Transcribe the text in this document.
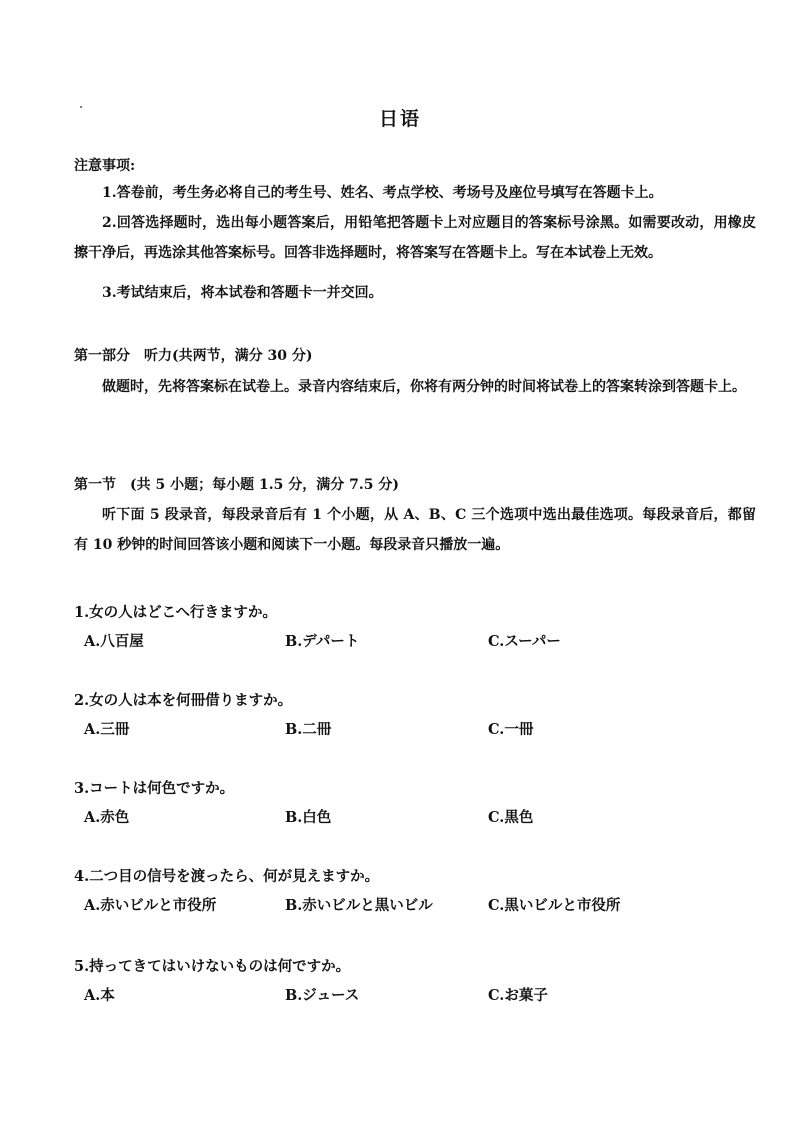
日语
注意事项:
1.答卷前，考生务必将自己的考生号、姓名、考点学校、考场号及座位号填写在答题卡上。
2.回答选择题时，选出每小题答案后，用铅笔把答题卡上对应题目的答案标号涂黑。如需要改动，用橡皮擦干净后，再选涂其他答案标号。回答非选择题时，将答案写在答题卡上。写在本试卷上无效。
3.考试结束后，将本试卷和答题卡一并交回。
第一部分　听力(共两节，满分 30 分)
做题时，先将答案标在试卷上。录音内容结束后，你将有两分钟的时间将试卷上的答案转涂到答题卡上。
第一节　(共 5 小题；每小题 1.5 分，满分 7.5 分)
听下面 5 段录音，每段录音后有 1 个小题，从 A、B、C 三个选项中选出最佳选项。每段录音后，都留有 10 秒钟的时间回答该小题和阅读下一小题。每段录音只播放一遍。
1.女の人はどこへ行きますか。
A.八百屋	B.デパート	C.スーパー
2.女の人は本を何冊借りますか。
A.三冊	B.二冊	C.一冊
3.コートは何色ですか。
A.赤色	B.白色	C.黒色
4.二つ目の信号を渡ったら、何が見えますか。
A.赤いビルと市役所	B.赤いビルと黒いビル	C.黒いビルと市役所
5.持ってきてはいけないものは何ですか。
A.本	B.ジュース	C.お菓子
